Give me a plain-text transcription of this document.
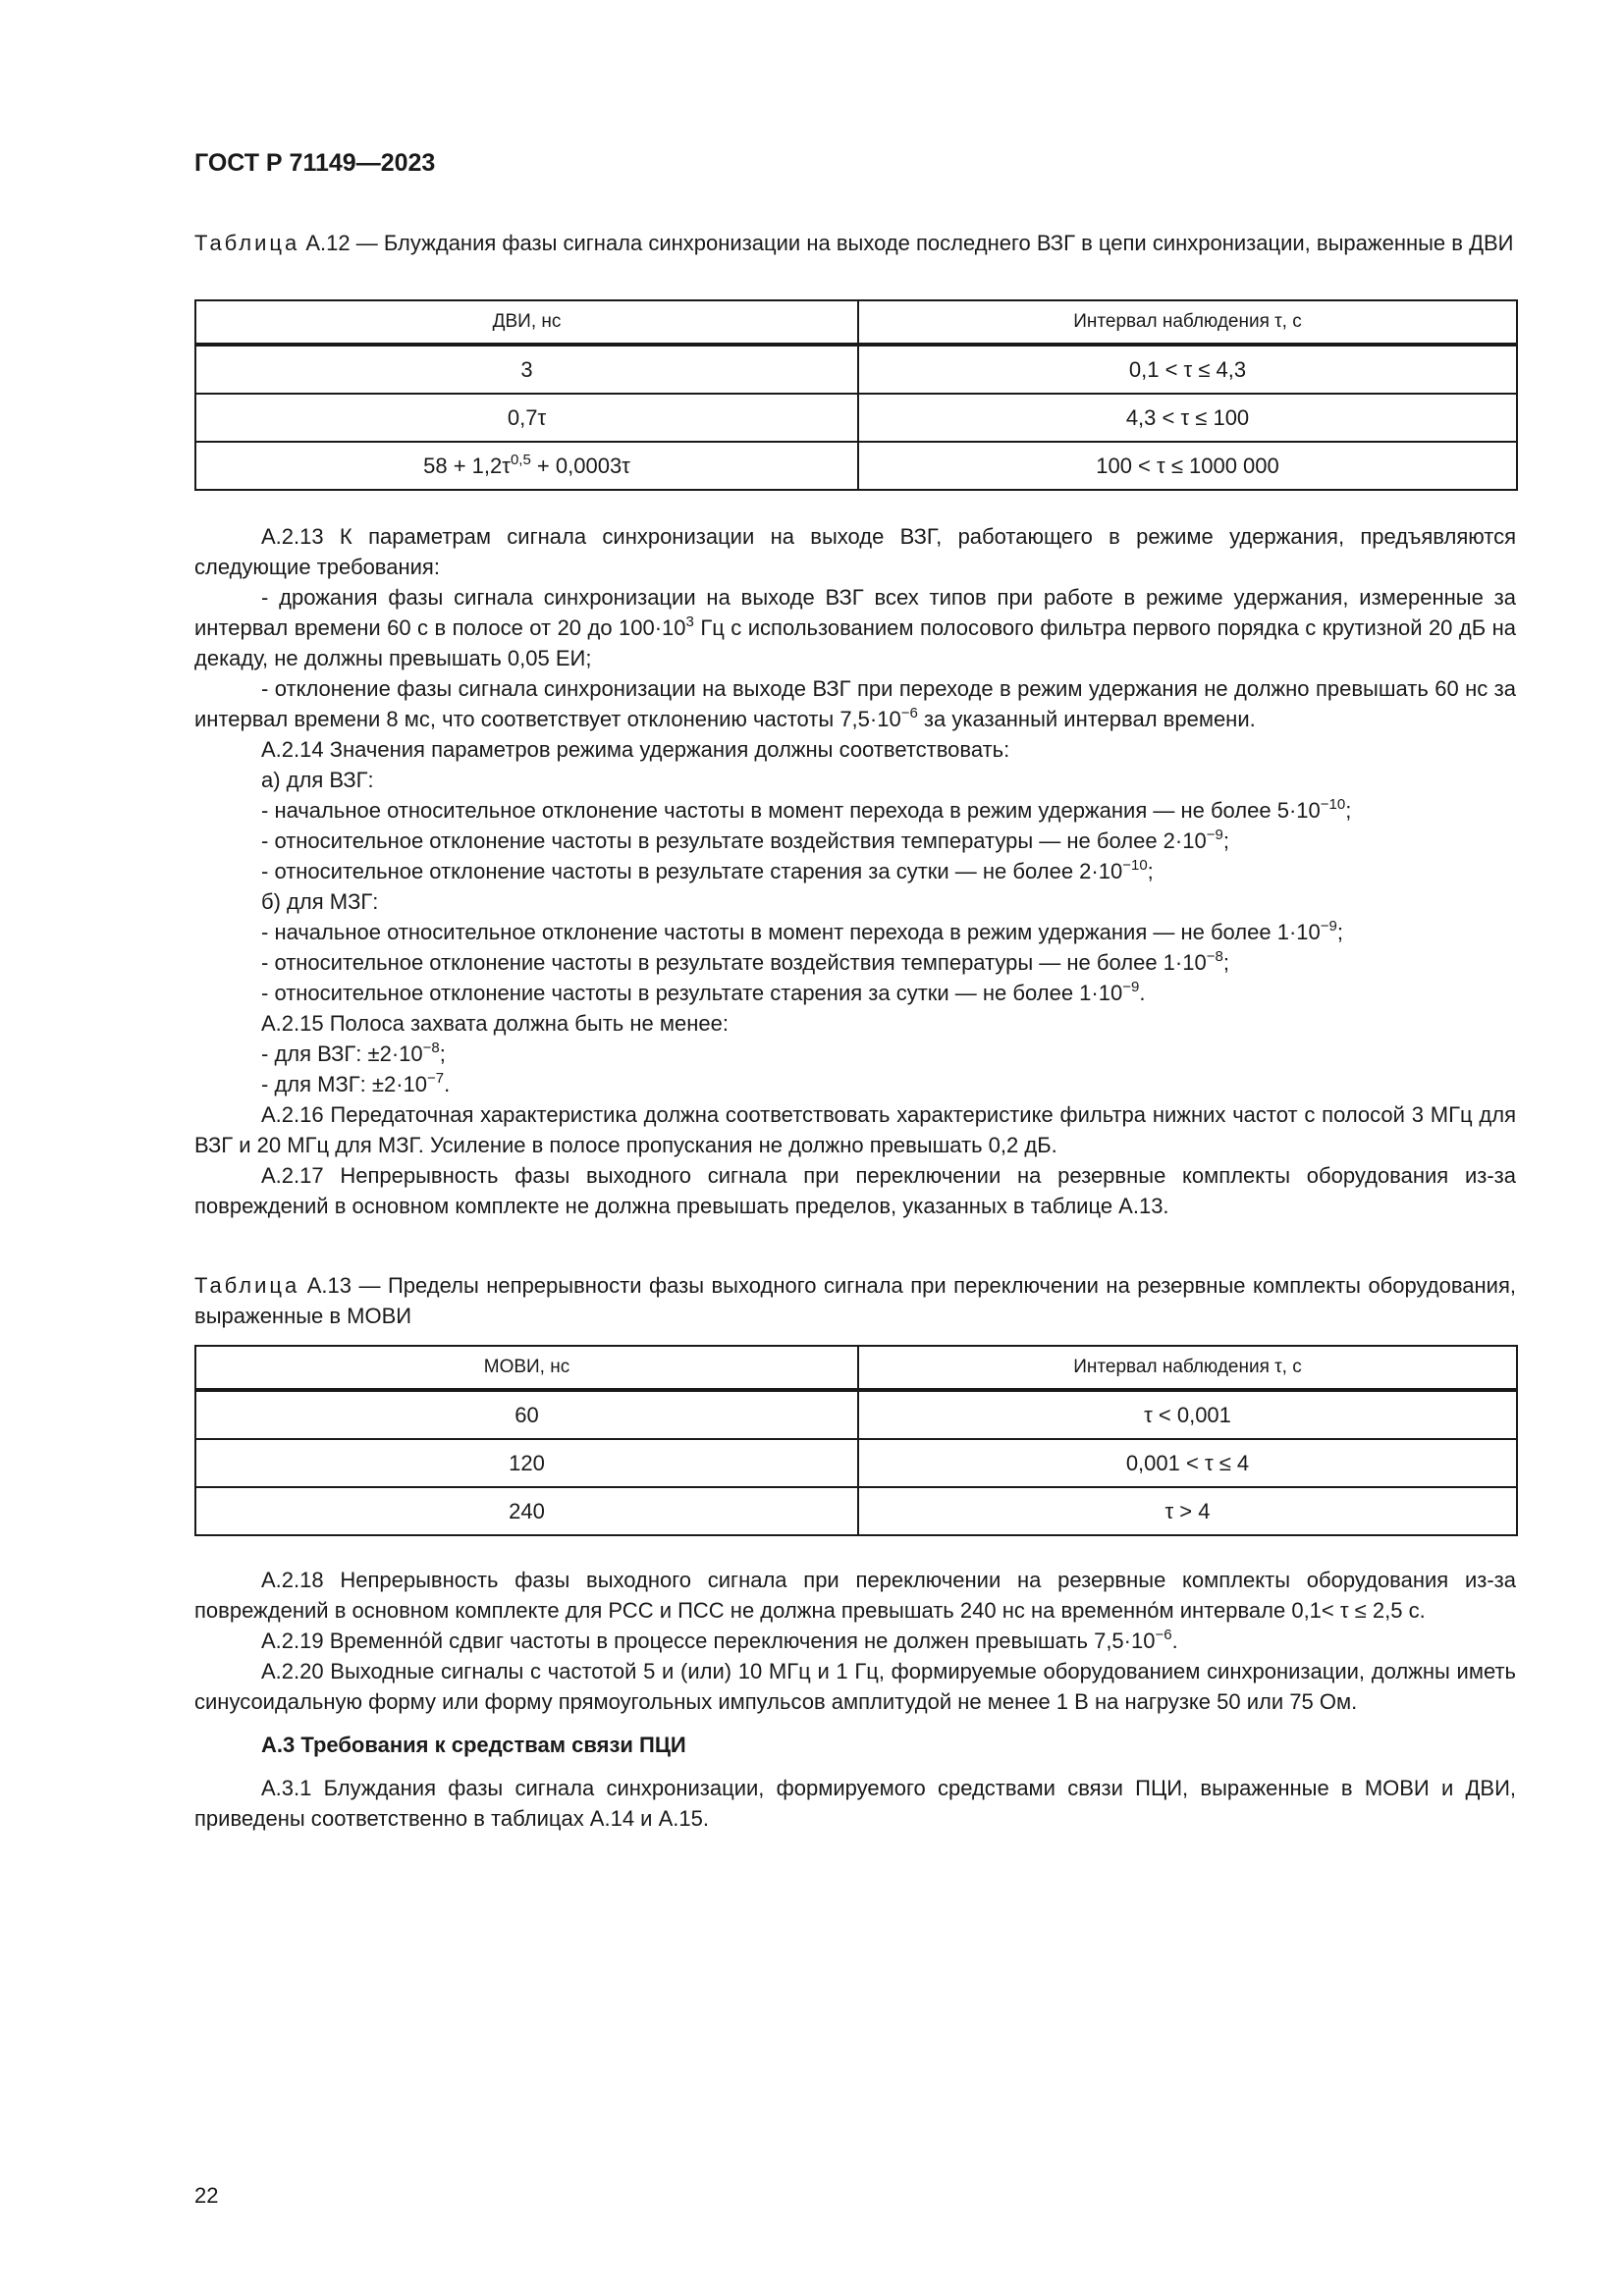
ГОСТ Р 71149—2023
Таблица А.12 — Блуждания фазы сигнала синхронизации на выходе последнего ВЗГ в цепи синхронизации, выраженные в ДВИ
ДВИ, нс	Интервал наблюдения τ, с
3	0,1 < τ ≤ 4,3
0,7τ	4,3 < τ ≤ 100
$58 + 1,2\tau^{0,5} + 0,0003\tau$	100 < τ ≤ 1000 000

А.2.13 К параметрам сигнала синхронизации на выходе ВЗГ, работающего в режиме удержания, предъявляются следующие требования:

- дрожания фазы сигнала синхронизации на выходе ВЗГ всех типов при работе в режиме удержания, измеренные за интервал времени 60 с в полосе от 20 до $100\cdot 10^3$ Гц с использованием полосового фильтра первого порядка с крутизной 20 дБ на декаду, не должны превышать 0,05 ЕИ;

- отклонение фазы сигнала синхронизации на выходе ВЗГ при переходе в режим удержания не должно превышать 60 нс за интервал времени 8 мс, что соответствует отклонению частоты $7,5\cdot 10^{-6}$ за указанный интервал времени.

А.2.14 Значения параметров режима удержания должны соответствовать:

а) для ВЗГ:

- начальное относительное отклонение частоты в момент перехода в режим удержания — не более $5\cdot 10^{-10}$;

- относительное отклонение частоты в результате воздействия температуры — не более $2\cdot 10^{-9}$;

- относительное отклонение частоты в результате старения за сутки — не более $2\cdot 10^{-10}$;

б) для МЗГ:

- начальное относительное отклонение частоты в момент перехода в режим удержания — не более $1\cdot 10^{-9}$;

- относительное отклонение частоты в результате воздействия температуры — не более $1\cdot 10^{-8}$;

- относительное отклонение частоты в результате старения за сутки — не более $1\cdot 10^{-9}$.

А.2.15 Полоса захвата должна быть не менее:

- для ВЗГ: $\pm 2\cdot 10^{-8}$;

- для МЗГ: $\pm 2\cdot 10^{-7}$.

А.2.16 Передаточная характеристика должна соответствовать характеристике фильтра нижних частот с полосой 3 МГц для ВЗГ и 20 МГц для МЗГ. Усиление в полосе пропускания не должно превышать 0,2 дБ.

А.2.17 Непрерывность фазы выходного сигнала при переключении на резервные комплекты оборудования из-за повреждений в основном комплекте не должна превышать пределов, указанных в таблице А.13.

Таблица А.13 — Пределы непрерывности фазы выходного сигнала при переключении на резервные комплекты оборудования, выраженные в МОВИ
МОВИ, нс	Интервал наблюдения τ, с
60	τ < 0,001
120	0,001 < τ ≤ 4
240	τ > 4

А.2.18 Непрерывность фазы выходного сигнала при переключении на резервные комплекты оборудования из-за повреждений в основном комплекте для РСС и ПСС не должна превышать 240 нс на временно́м интервале 0,1< τ ≤ 2,5 с.

А.2.19 Временно́й сдвиг частоты в процессе переключения не должен превышать $7,5\cdot 10^{-6}$.

А.2.20 Выходные сигналы с частотой 5 и (или) 10 МГц и 1 Гц, формируемые оборудованием синхронизации, должны иметь синусоидальную форму или форму прямоугольных импульсов амплитудой не менее 1 В на нагрузке 50 или 75 Ом.

А.3 Требования к средствам связи ПЦИ

А.3.1 Блуждания фазы сигнала синхронизации, формируемого средствами связи ПЦИ, выраженные в МОВИ и ДВИ, приведены соответственно в таблицах А.14 и А.15.

22
